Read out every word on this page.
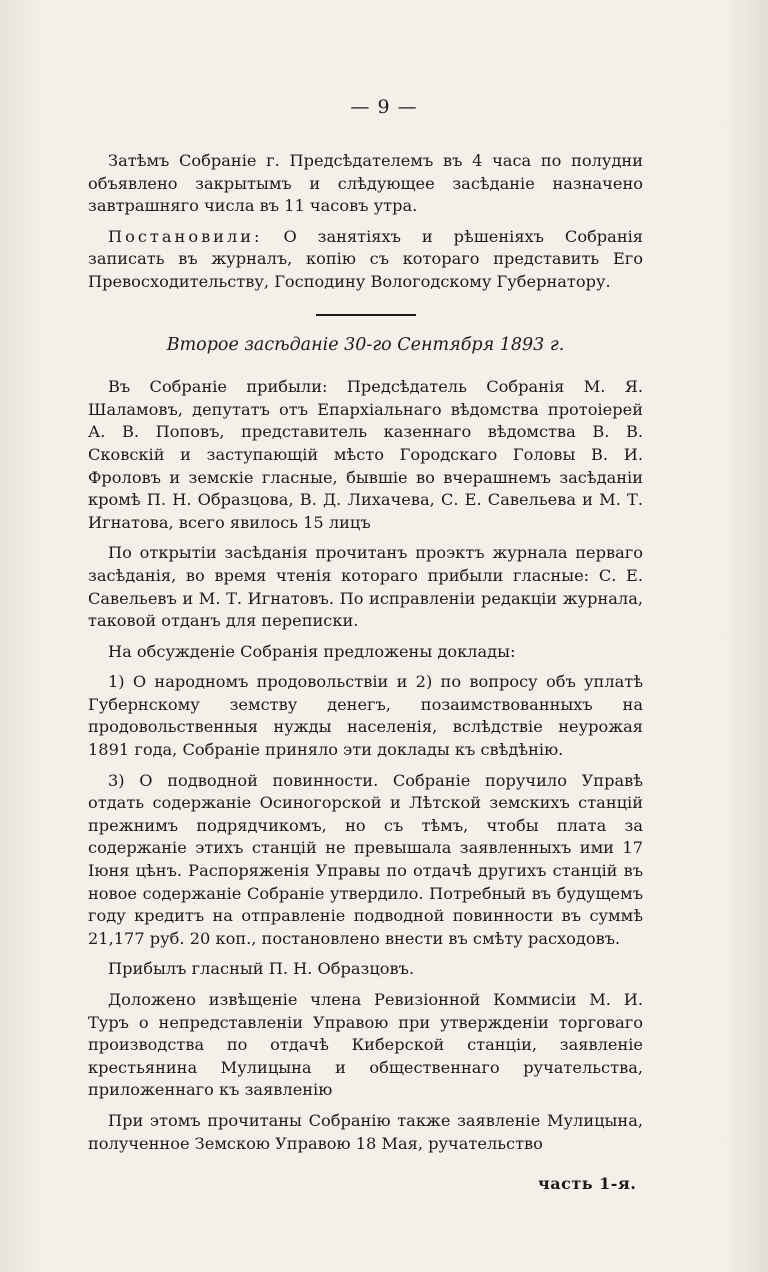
— 9 —

Затѣмъ Собраніе г. Предсѣдателемъ въ 4 часа по полудни объявлено закрытымъ и слѣдующее засѣданіе назначено завтрашняго числа въ 11 часовъ утра.

Постановили: О занятіяхъ и рѣшеніяхъ Собранія записать въ журналъ, копію съ котораго представить Его Превосходительству, Господину Вологодскому Губернатору.

Второе засѣданіе 30-го Сентября 1893 г.

Въ Собраніе прибыли: Предсѣдатель Собранія М. Я. Шаламовъ, депутатъ отъ Епархіальнаго вѣдомства протоіерей А. В. Поповъ, представитель казеннаго вѣдомства В. В. Сковскій и заступающій мѣсто Городскаго Головы В. И. Фроловъ и земскіе гласные, бывшіе во вчерашнемъ засѣданіи кромѣ П. Н. Образцова, В. Д. Лихачева, С. Е. Савельева и М. Т. Игнатова, всего явилось 15 лицъ

По открытіи засѣданія прочитанъ проэктъ журнала перваго засѣданія, во время чтенія котораго прибыли гласные: С. Е. Савельевъ и М. Т. Игнатовъ. По исправленіи редакціи журнала, таковой отданъ для переписки.

На обсужденіе Собранія предложены доклады:

1) О народномъ продовольствіи и 2) по вопросу объ уплатѣ Губернскому земству денегъ, позаимствованныхъ на продовольственныя нужды населенія, вслѣдствіе неурожая 1891 года, Собраніе приняло эти доклады къ свѣдѣнію.

3) О подводной повинности. Собраніе поручило Управѣ отдать содержаніе Осиногорской и Лѣтской земскихъ станцій прежнимъ подрядчикомъ, но съ тѣмъ, чтобы плата за содержаніе этихъ станцій не превышала заявленныхъ ими 17 Іюня цѣнъ. Распоряженія Управы по отдачѣ другихъ станцій въ новое содержаніе Собраніе утвердило. Потребный въ будущемъ году кредитъ на отправленіе подводной повинности въ суммѣ 21,177 руб. 20 коп., постановлено внести въ смѣту расходовъ.

Прибылъ гласный П. Н. Образцовъ.

Доложено извѣщеніе члена Ревизіонной Коммисіи М. И. Туръ о непредставленіи Управою при утвержденіи торговаго производства по отдачѣ Киберской станціи, заявленіе крестьянина Мулицына и общественнаго ручательства, приложеннаго къ заявленію

При этомъ прочитаны Собранію также заявленіе Мулицына, полученное Земскою Управою 18 Мая, ручательство

часть 1-я.
